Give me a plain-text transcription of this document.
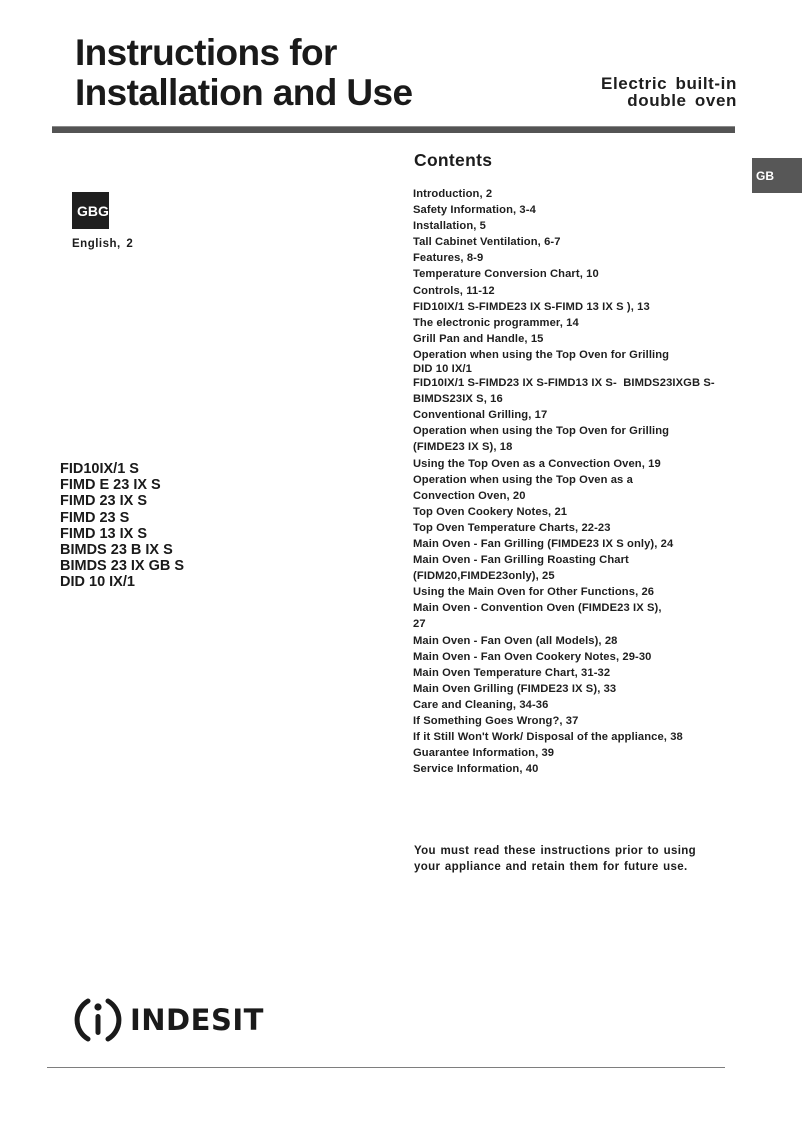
Instructions for
Installation and Use	Electric built-in
double oven
GB
GBG
English, 2
FID10IX/1 S
FIMD E 23 IX S
FIMD 23 IX S
FIMD 23 S
FIMD 13 IX S
BIMDS 23 B IX S
BIMDS 23 IX GB S
DID 10 IX/1
Contents
Introduction, 2
Safety Information, 3-4
Installation, 5
Tall Cabinet Ventilation, 6-7
Features, 8-9
Temperature Conversion Chart, 10
Controls, 11-12
FID10IX/1 S-FIMDE23 IX S-FIMD 13 IX S ), 13
The electronic programmer, 14
Grill Pan and Handle, 15
Operation when using the Top Oven for Grilling
DID 10 IX/1
FID10IX/1 S-FIMD23 IX S-FIMD13 IX S-  BIMDS23IXGB S-
BIMDS23IX S, 16
Conventional Grilling, 17
Operation when using the Top Oven for Grilling
(FIMDE23 IX S), 18
Using the Top Oven as a Convection Oven, 19
Operation when using the Top Oven as a
Convection Oven, 20
Top Oven Cookery Notes, 21
Top Oven Temperature Charts, 22-23
Main Oven - Fan Grilling (FIMDE23 IX S only), 24
Main Oven - Fan Grilling Roasting Chart
(FIDM20,FIMDE23only), 25
Using the Main Oven for Other Functions, 26
Main Oven - Convention Oven (FIMDE23 IX S),
27
Main Oven - Fan Oven (all Models), 28
Main Oven - Fan Oven Cookery Notes, 29-30
Main Oven Temperature Chart, 31-32
Main Oven Grilling (FIMDE23 IX S), 33
Care and Cleaning, 34-36
If Something Goes Wrong?, 37
If it Still Won't Work/ Disposal of the appliance, 38
Guarantee Information, 39
Service Information, 40
You must read these instructions prior to using
your appliance and retain them for future use.
INDESIT
